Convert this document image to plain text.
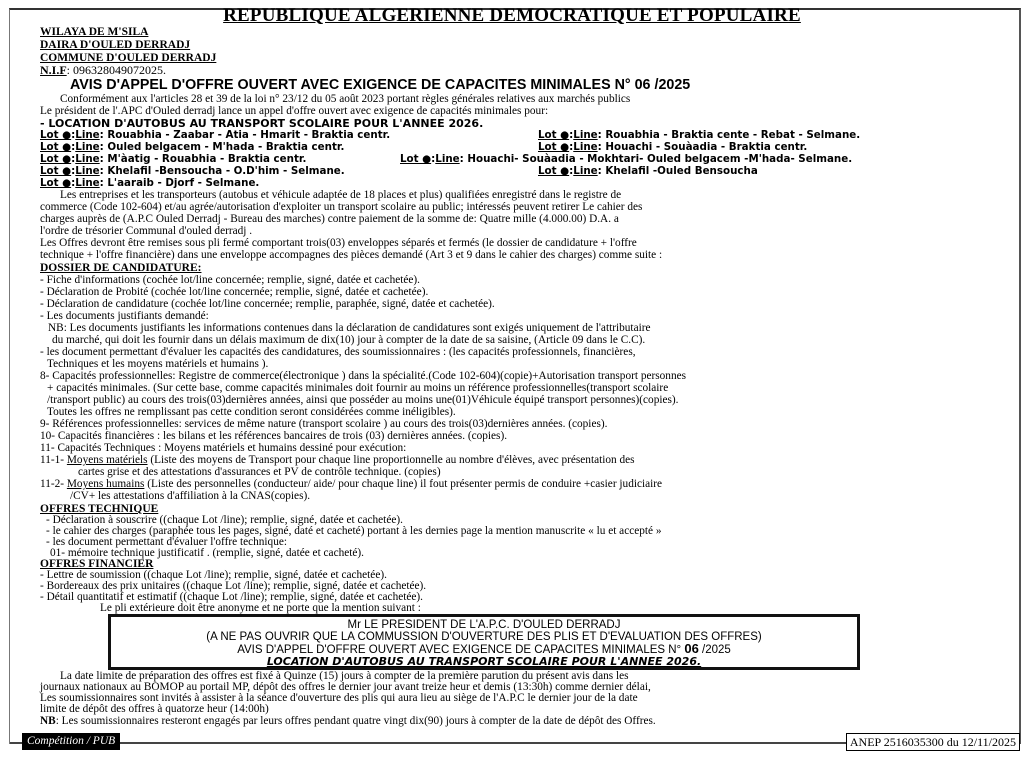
REPUBLIQUE ALGERIENNE DEMOCRATIQUE ET POPULAIRE
WILAYA DE M'SILA
DAIRA D'OULED DERRADJ
COMMUNE D'OULED DERRADJ
N.I.F: 096328049072025.
AVIS D'APPEL D'OFFRE OUVERT AVEC EXIGENCE DE CAPACITES MINIMALES N° 06 /2025
Conformément aux l'articles 28 et 39 de la loi n° 23/12 du 05 août 2023 portant règles générales relatives aux marchés publics
Le président de l'.APC d'Ouled derradj lance un appel d'offre ouvert avec exigence de capacités minimales pour:
- LOCATION D'AUTOBUS AU TRANSPORT SCOLAIRE POUR L'ANNEE 2026.
Lot ●:Line: Rouabhia - Zaabar - Atia - Hmarit - Braktia centr.	Lot ●:Line: Rouabhia - Braktia cente - Rebat - Selmane.
Lot ●:Line: Ouled belgacem - M'hada - Braktia centr.	Lot ●:Line: Houachi - Souàadia - Braktia centr.
Lot ●:Line: M'àatig - Rouabhia - Braktia centr.	Lot ●:Line: Houachi- Souàadia - Mokhtari- Ouled belgacem -M'hada- Selmane.
Lot ●:Line: Khelafil -Bensoucha - O.D'him - Selmane.	Lot ●:Line: Khelafil -Ouled Bensoucha
Lot ●:Line: L'aaraib - Djorf - Selmane.
Les entreprises et les transporteurs (autobus et véhicule adaptée de 18 places et plus) qualifiées enregistré dans le registre de
commerce (Code 102-604) et/au agrée/autorisation d'exploiter un transport scolaire au public; intéressés peuvent retirer Le cahier des
charges auprès de (A.P.C Ouled Derradj - Bureau des marches) contre paiement de la somme de: Quatre mille (4.000.00) D.A. a
l'ordre de trésorier Communal d'ouled derradj .
Les Offres devront être remises sous pli fermé comportant trois(03) enveloppes séparés et fermés (le dossier de candidature + l'offre
technique + l'offre financière) dans une enveloppe accompagnes des pièces demandé (Art 3 et 9 dans le cahier des charges) comme suite :
DOSSIER DE CANDIDATURE:
- Fiche d'informations (cochée lot/line concernée; remplie, signé, datée et cachetée).
- Déclaration de Probité (cochée lot/line concernée; remplie, signé, datée et cachetée).
- Déclaration de candidature (cochée lot/line concernée; remplie, paraphée, signé, datée et cachetée).
- Les documents justifiants demandé:
NB: Les documents justifiants les informations contenues dans la déclaration de candidatures sont exigés uniquement de l'attributaire
du marché, qui doit les fournir dans un délais maximum de dix(10) jour à compter de la date de sa saisine, (Article 09 dans le C.C).
- les document permettant d'évaluer les capacités des candidatures, des soumissionnaires : (les capacités professionnels, financières,
Techniques et les moyens matériels et humains ).
8- Capacités professionnelles: Registre de commerce(électronique ) dans la spécialité.(Code 102-604)(copie)+Autorisation transport personnes
+ capacités minimales. (Sur cette base, comme capacités minimales doit fournir au moins un référence professionnelles(transport scolaire
/transport public) au cours des trois(03)dernières années, ainsi que posséder au moins une(01)Véhicule équipé transport personnes)(copies).
Toutes les offres ne remplissant pas cette condition seront considérées comme inéligibles).
9- Références professionnelles: services de même nature (transport scolaire ) au cours des trois(03)dernières années. (copies).
10- Capacités financières : les bilans et les références bancaires de trois (03) dernières années. (copies).
11- Capacités Techniques : Moyens matériels et humains dessiné pour exécution:
11-1- Moyens matériels (Liste des moyens de Transport pour chaque line proportionnelle au nombre d'élèves, avec présentation des
cartes grise et des attestations d'assurances et PV de contrôle technique. (copies)
11-2- Moyens humains (Liste des personnelles (conducteur/ aide/ pour chaque line) il fout présenter permis de conduire +casier judiciaire
/CV+ les attestations d'affiliation à la CNAS(copies).
OFFRES TECHNIQUE
- Déclaration à souscrire ((chaque Lot /line); remplie, signé, datée et cachetée).
- le cahier des charges (paraphée tous les pages, signé, daté et cacheté) portant à les dernies page la mention manuscrite « lu et accepté »
- les document permettant d'évaluer l'offre technique:
01- mémoire technique justificatif . (remplie, signé, datée et cacheté).
OFFRES FINANCIER
- Lettre de soumission ((chaque Lot /line); remplie, signé, datée et cachetée).
- Bordereaux des prix unitaires ((chaque Lot /line); remplie, signé, datée et cachetée).
- Détail quantitatif et estimatif ((chaque Lot /line); remplie, signé, datée et cachetée).
Le pli extérieure doit être anonyme et ne porte que la mention suivant :
Mr LE PRESIDENT DE L'A.P.C. D'OULED DERRADJ
(A NE PAS OUVRIR QUE LA COMMUSSION D'OUVERTURE DES PLIS ET D'EVALUATION DES OFFRES)
AVIS D'APPEL D'OFFRE OUVERT AVEC EXIGENCE DE CAPACITES MINIMALES N° 06 /2025
LOCATION D'AUTOBUS AU TRANSPORT SCOLAIRE POUR L'ANNEE 2026.
La date limite de préparation des offres est fixé à Quinze (15) jours à compter de la première parution du présent avis dans les
journaux nationaux au BOMOP au portail MP, dépôt des offres le dernier jour avant treize heur et demis (13:30h) comme dernier délai,
Les soumissionnaires sont invités à assister à la séance d'ouverture des plis qui aura lieu au siège de l'A.P.C le dernier jour de la date
limite de dépôt des offres à quatorze heur (14:00h)
NB: Les soumissionnaires resteront engagés par leurs offres pendant quatre vingt dix(90) jours à compter de la date de dépôt des Offres.
Compétition / PUB	ANEP 2516035300 du 12/11/2025
